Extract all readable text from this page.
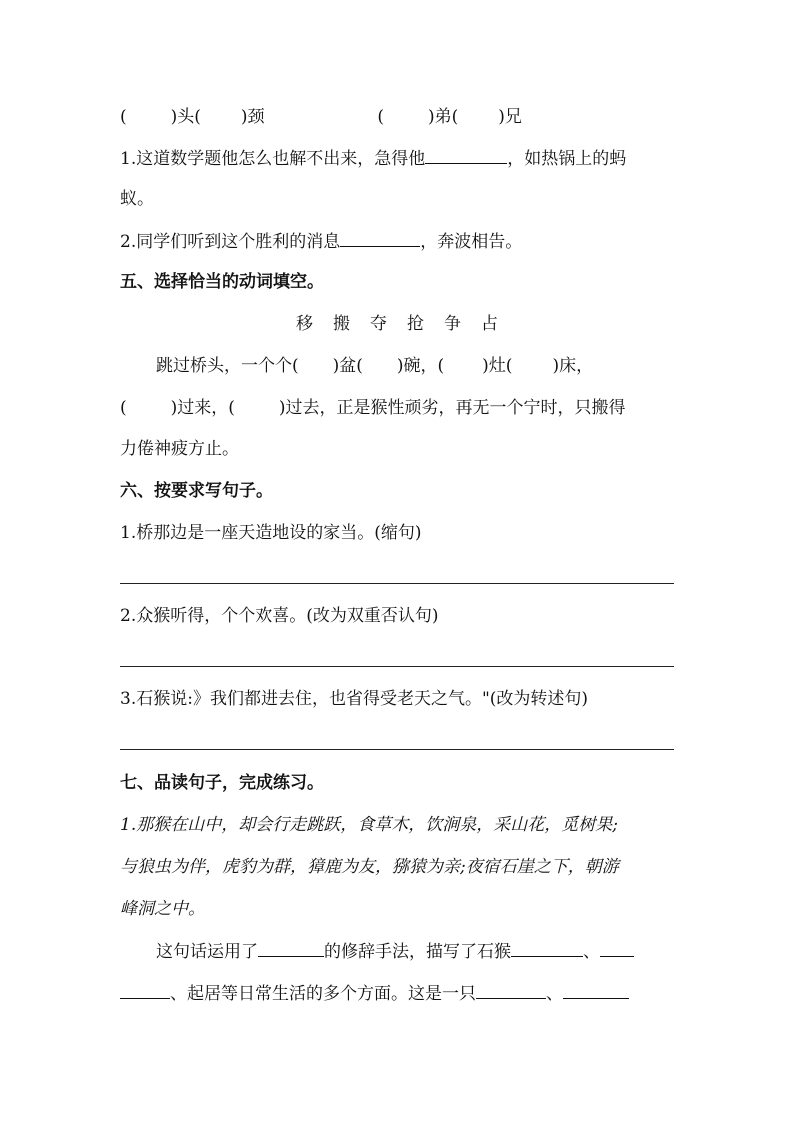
(	)头( )颈	(	)弟( )兄
1.这道数学题他怎么也解不出来，急得他	，如热锅上的蚂
蚁。
2.同学们听到这个胜利的消息	，奔波相告。
五、选择恰当的动词填空。
移 搬 夺 抢 争 占
跳过桥头，一个个( )盆( )碗，( )灶( )床，
(	)过来，(	)过去，正是猴性顽劣，再无一个宁时，只搬得
力倦神疲方止。
六、按要求写句子。
1.桥那边是一座天造地设的家当。(缩句)
2.众猴听得，个个欢喜。(改为双重否认句)
3.石猴说:》我们都进去住，也省得受老天之气。"(改为转述句)
七、品读句子，完成练习。
1.那猴在山中，却会行走跳跃，食草木，饮涧泉，采山花，觅树果;
与狼虫为伴，虎豹为群，獐鹿为友，猕猿为亲;夜宿石崖之下，朝游
峰洞之中。
这句话运用了	的修辞手法，描写了石猴	、
、起居等日常生活的多个方面。这是一只	、
